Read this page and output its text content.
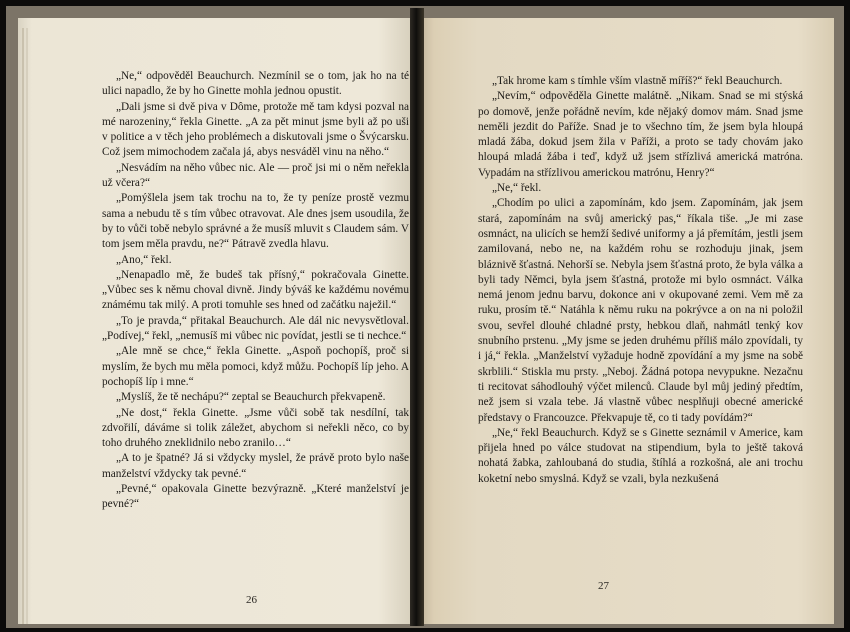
„Ne,“ odpověděl Beauchurch. Nezmínil se o tom, jak ho na té ulici napadlo, že by ho Ginette mohla jednou opustit.

„Dali jsme si dvě piva v Dôme, protože mě tam kdysi pozval na mé narozeniny,“ řekla Ginette. „A za pět minut jsme byli až po uši v politice a v těch jeho problémech a diskutovali jsme o Švýcarsku. Což jsem mimochodem začala já, abys nesváděl vinu na něho.“

„Nesvádím na něho vůbec nic. Ale — proč jsi mi o něm neřekla už včera?“

„Pomýšlela jsem tak trochu na to, že ty peníze prostě vezmu sama a nebudu tě s tím vůbec otravovat. Ale dnes jsem usoudila, že by to vůči tobě nebylo správné a že musíš mluvit s Claudem sám. V tom jsem měla pravdu, ne?“ Pátravě zvedla hlavu.

„Ano,“ řekl.

„Nenapadlo mě, že budeš tak přísný,“ pokračovala Ginette. „Vůbec ses k němu choval divně. Jindy býváš ke každému novému známému tak milý. A proti tomuhle ses hned od začátku naježil.“

„To je pravda,“ přitakal Beauchurch. Ale dál nic nevysvětloval. „Podívej,“ řekl, „nemusíš mi vůbec nic povídat, jestli se ti nechce.“

„Ale mně se chce,“ řekla Ginette. „Aspoň pochopíš, proč si myslím, že bych mu měla pomoci, když můžu. Pochopíš líp jeho. A pochopíš líp i mne.“

„Myslíš, že tě nechápu?“ zeptal se Beauchurch překvapeně.

„Ne dost,“ řekla Ginette. „Jsme vůči sobě tak nesdílní, tak zdvořilí, dáváme si tolik záležet, abychom si neřekli něco, co by toho druhého zneklidnilo nebo zranilo…“

„A to je špatné? Já si vždycky myslel, že právě proto bylo naše manželství vždycky tak pevné.“

„Pevné,“ opakovala Ginette bezvýrazně. „Které manželství je pevné?“

26

„Tak hrome kam s tímhle vším vlastně míříš?“ řekl Beauchurch.

„Nevím,“ odpověděla Ginette malátně. „Nikam. Snad se mi stýská po domově, jenže pořádně nevím, kde nějaký domov mám. Snad jsme neměli jezdit do Paříže. Snad je to všechno tím, že jsem byla hloupá mladá žába, dokud jsem žila v Paříži, a proto se tady chovám jako hloupá mladá žába i teď, když už jsem střízlivá americká matróna. Vypadám na střízlivou americkou matrónu, Henry?“

„Ne,“ řekl.

„Chodím po ulici a zapomínám, kdo jsem. Zapomínám, jak jsem stará, zapomínám na svůj americký pas,“ říkala tiše. „Je mi zase osmnáct, na ulicích se hemží šedivé uniformy a já přemítám, jestli jsem zamilovaná, nebo ne, na každém rohu se rozhoduju jinak, jsem bláznivě šťastná. Nehorší se. Nebyla jsem šťastná proto, že byla válka a byli tady Němci, byla jsem šťastná, protože mi bylo osmnáct. Válka nemá jenom jednu barvu, dokonce ani v okupované zemi. Vem mě za ruku, prosím tě.“ Natáhla k němu ruku na pokrývce a on na ni položil svou, sevřel dlouhé chladné prsty, hebkou dlaň, nahmátl tenký kov snubního prstenu. „My jsme se jeden druhému příliš málo zpovídali, ty i já,“ řekla. „Manželství vyžaduje hodně zpovídání a my jsme na sobě skrblili.“ Stiskla mu prsty. „Neboj. Žádná potopa nevypukne. Nezačnu ti recitovat sáhodlouhý výčet milenců. Claude byl můj jediný předtím, než jsem si vzala tebe. Já vlastně vůbec nesplňuji obecné americké představy o Francouzce. Překvapuje tě, co ti tady povídám?“

„Ne,“ řekl Beauchurch. Když se s Ginette seznámil v Americe, kam přijela hned po válce studovat na stipendium, byla to ještě taková nohatá žabka, zahloubaná do studia, štíhlá a rozkošná, ale ani trochu koketní nebo smyslná. Když se vzali, byla nezkušená

27
